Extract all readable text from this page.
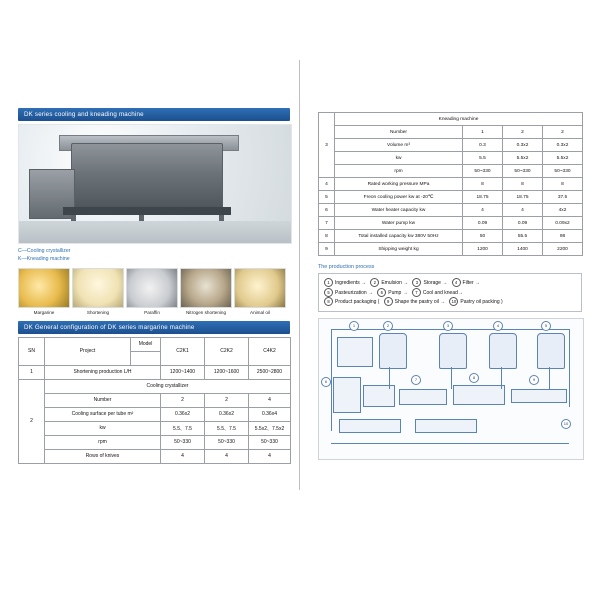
DK series cooling and kneading machine
C—Cooling crystallizer
K—Kneading machine
Margarine	Shortening	Paraffin	Nitrogen shortening	Animal oil
DK General configuration of DK series margarine machine
SN	Project	Model	C2K1	C2K2	C4K2

1	Shortening production L/H		1200~1400	1200~1600	2500~2800
2	Cooling crystallizer				
	Number		2	2	4
	Cooling surface per tube m²		0.36x2	0.36x2	0.36x4
	kw		5.5、7.5	5.5、7.5	5.5x2、7.5x2
	rpm		50~330	50~330	50~330
	Rows of knives		4	4	4
3	Kneading machine			
	Number	1	2	2
	Volume m³	0.3	0.3x2	0.3x2
	kw	5.5	5.5x2	5.5x2
	rpm	50~330	50~330	50~330
4	Rated working pressure MPa	8	8	8
5	Freon cooling power kw at -20℃	18.75	18.75	37.5
6	Water heater capacity kw	4	4	4x2
7	Water pump kw	0.09	0.09	0.09x2
8	Total installed capacity kw 380V 50Hz	50	55.5	98
9	Shipping weight kg	1200	1400	2200
The production process
1 Ingredients → 2 Emulsion → 3 Storage → 4 Filter →
5 Pasteurization → 6 Pump → 7 Cool and knead→
8 Product packaging ( 9 Shape the pastry oil → 10 Pastry oil packing )
1	2	3	4	5
6	7	8	9
10
